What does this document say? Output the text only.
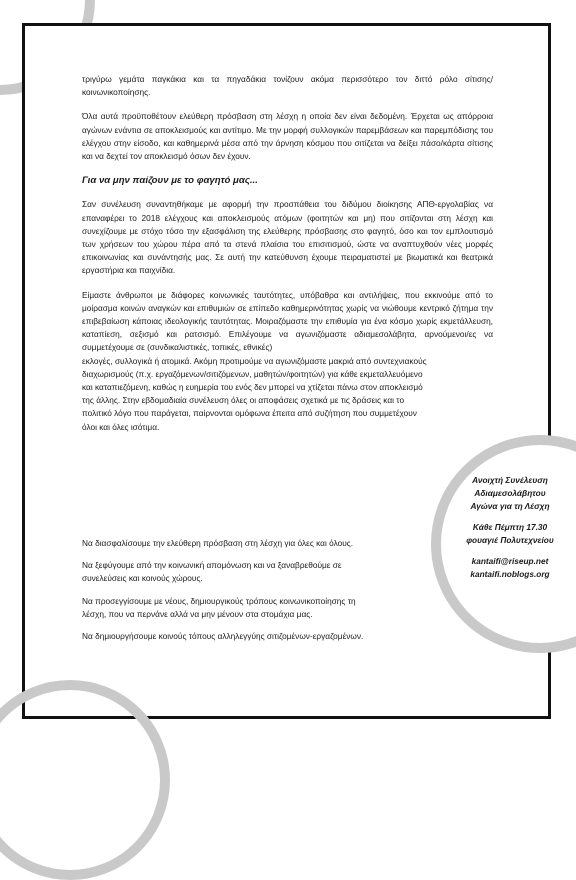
τριγύρω γεμάτα παγκάκια και τα πηγαδάκια τονίζουν ακόμα περισσότερο τον διττό ρόλο σίτισης/κοινωνικοποίησης.

Όλα αυτά προϋποθέτουν ελεύθερη πρόσβαση στη λέσχη η οποία δεν είναι δεδομένη. Έρχεται ως απόρροια αγώνων ενάντια σε αποκλεισμούς και αντίτιμο. Με την μορφή συλλογικών παρεμβάσεων και παρεμπόδισης του ελέγχου στην είσοδο, και καθημερινά μέσα από την άρνηση κόσμου που σιτίζεται να δείξει πάσο/κάρτα σίτισης και να δεχτεί τον αποκλεισμό όσων δεν έχουν.

Για να μην παίζουν με το φαγητό μας...

Σαν συνέλευση συναντηθήκαμε με αφορμή την προσπάθεια του διδύμου διοίκησης ΑΠΘ-εργολαβίας να επαναφέρει το 2018 ελέγχους και αποκλεισμούς ατόμων (φοιτητών και μη) που σιτίζονται στη λέσχη και συνεχίζουμε με στόχο τόσο την εξασφάλιση της ελεύθερης πρόσβασης στο φαγητό, όσο και τον εμπλουτισμό των χρήσεων του χώρου πέρα από τα στενά πλαίσια του επισιτισμού, ώστε να αναπτυχθούν νέες μορφές επικοινωνίας και συνάντησής μας. Σε αυτή την κατεύθυνση έχουμε πειραματιστεί με βιωματικά και θεατρικά εργαστήρια και παιχνίδια.

Είμαστε άνθρωποι με διάφορες κοινωνικές ταυτότητες, υπόβαθρα και αντιλήψεις, που εκκινούμε από το μοίρασμα κοινών αναγκών και επιθυμιών σε επίπεδο καθημερινότητας χωρίς να νιώθουμε κεντρικό ζήτημα την επιβεβαίωση κάποιας ιδεολογικής ταυτότητας. Μοιραζόμαστε την επιθυμία για ένα κόσμο χωρίς εκμετάλλευση, καταπίεση, σεξισμό και ρατσισμό. Επιλέγουμε να αγωνιζόμαστε αδιαμεσολάβητα, αρνούμενοι/ες να συμμετέχουμε σε (συνδικαλιστικές, τοπικές, εθνικές)

εκλογές, συλλογικά ή ατομικά. Ακόμη προτιμούμε να αγωνιζόμαστε μακριά από συντεχνιακούς διαχωρισμούς (π.χ. εργαζόμενων/σιτιζόμενων, μαθητών/φοιτητών) για κάθε εκμεταλλευόμενο και καταπιεζόμενη, καθώς η ευημερία του ενός δεν μπορεί να χτίζεται πάνω στον αποκλεισμό της άλλης. Στην εβδομαδιαία συνέλευση όλες οι αποφάσεις σχετικά με τις δράσεις και το πολιτικό λόγο που παράγεται, παίρνονται ομόφωνα έπειτα από συζήτηση που συμμετέχουν όλοι και όλες ισότιμα.

Να διασφαλίσουμε την ελεύθερη πρόσβαση στη λέσχη για όλες και όλους.

Να ξεφύγουμε από την κοινωνική απομόνωση και να ξαναβρεθούμε σε συνελεύσεις και κοινούς χώρους.

Να προσεγγίσουμε με νέους, δημιουργικούς τρόπους κοινωνικοποίησης τη λέσχη, που να περνάνε αλλά να μην μένουν στα στομάχια μας.

Να δημιουργήσουμε κοινούς τόπους αλληλεγγύης σιτιζομένων-εργαζομένων.

Ανοιχτή Συνέλευση
Αδιαμεσολάβητου
Αγώνα για τη Λέσχη
Κάθε Πέμπτη 17.30
φουαγιέ Πολυτεχνείου
kantaifi@riseup.net
kantaifi.noblogs.org
